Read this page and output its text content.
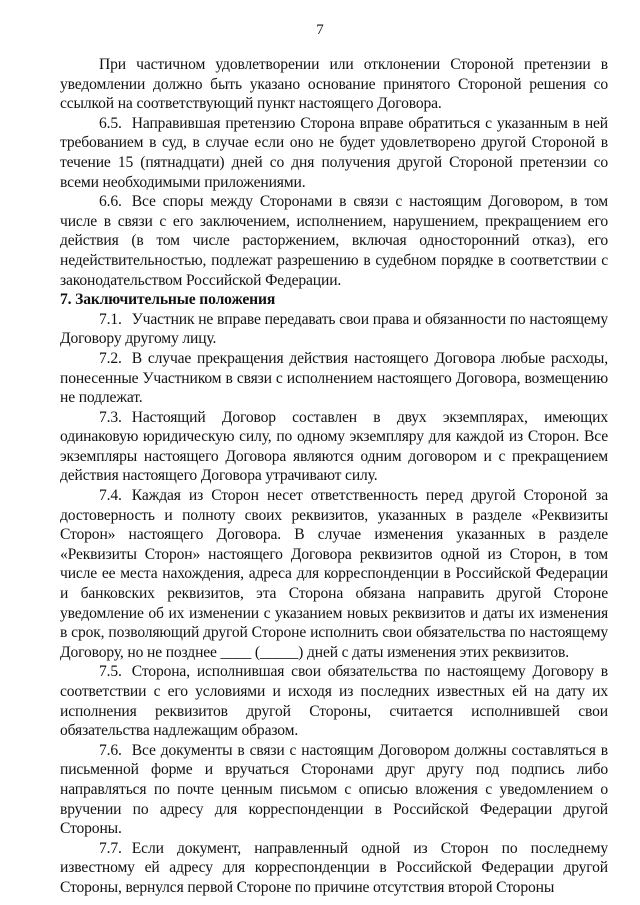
7

При частичном удовлетворении или отклонении Стороной претензии в уведомлении должно быть указано основание принятого Стороной решения со ссылкой на соответствующий пункт настоящего Договора.

6.5. Направившая претензию Сторона вправе обратиться с указанным в ней требованием в суд, в случае если оно не будет удовлетворено другой Стороной в течение 15 (пятнадцати) дней со дня получения другой Стороной претензии со всеми необходимыми приложениями.

6.6. Все споры между Сторонами в связи с настоящим Договором, в том числе в связи с его заключением, исполнением, нарушением, прекращением его действия (в том числе расторжением, включая односторонний отказ), его недействительностью, подлежат разрешению в судебном порядке в соответствии с законодательством Российской Федерации.

7. Заключительные положения

7.1. Участник не вправе передавать свои права и обязанности по настоящему Договору другому лицу.

7.2. В случае прекращения действия настоящего Договора любые расходы, понесенные Участником в связи с исполнением настоящего Договора, возмещению не подлежат.

7.3. Настоящий Договор составлен в двух экземплярах, имеющих одинаковую юридическую силу, по одному экземпляру для каждой из Сторон. Все экземпляры настоящего Договора являются одним договором и с прекращением действия настоящего Договора утрачивают силу.

7.4. Каждая из Сторон несет ответственность перед другой Стороной за достоверность и полноту своих реквизитов, указанных в разделе «Реквизиты Сторон» настоящего Договора. В случае изменения указанных в разделе «Реквизиты Сторон» настоящего Договора реквизитов одной из Сторон, в том числе ее места нахождения, адреса для корреспонденции в Российской Федерации и банковских реквизитов, эта Сторона обязана направить другой Стороне уведомление об их изменении с указанием новых реквизитов и даты их изменения в срок, позволяющий другой Стороне исполнить свои обязательства по настоящему Договору, но не позднее ____ (_____) дней с даты изменения этих реквизитов.

7.5. Сторона, исполнившая свои обязательства по настоящему Договору в соответствии с его условиями и исходя из последних известных ей на дату их исполнения реквизитов другой Стороны, считается исполнившей свои обязательства надлежащим образом.

7.6. Все документы в связи с настоящим Договором должны составляться в письменной форме и вручаться Сторонами друг другу под подпись либо направляться по почте ценным письмом с описью вложения с уведомлением о вручении по адресу для корреспонденции в Российской Федерации другой Стороны.

7.7. Если документ, направленный одной из Сторон по последнему известному ей адресу для корреспонденции в Российской Федерации другой Стороны, вернулся первой Стороне по причине отсутствия второй Стороны
